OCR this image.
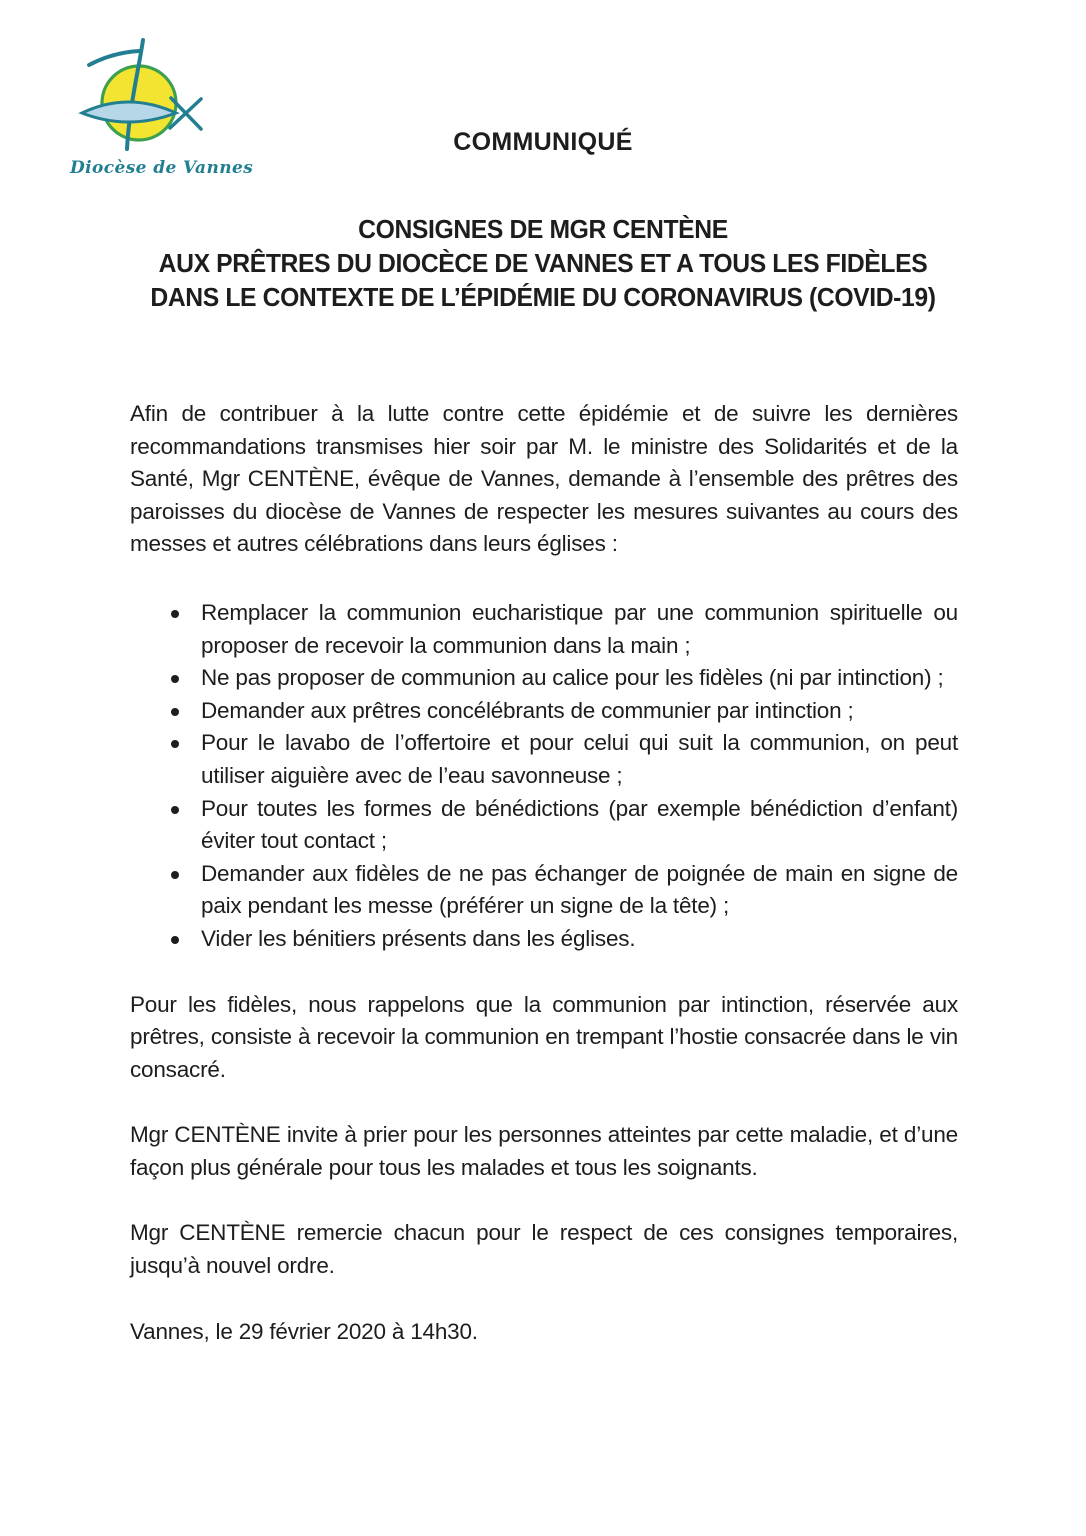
Diocèse de Vannes
COMMUNIQUÉ
CONSIGNES DE MGR CENTÈNE
AUX PRÊTRES DU DIOCÈCE DE VANNES ET A TOUS LES FIDÈLES
DANS LE CONTEXTE DE L’ÉPIDÉMIE DU CORONAVIRUS (COVID-19)

Afin de contribuer à la lutte contre cette épidémie et de suivre les dernières recommandations transmises hier soir par M. le ministre des Solidarités et de la Santé, Mgr CENTÈNE, évêque de Vannes, demande à l’ensemble des prêtres des paroisses du diocèse de Vannes de respecter les mesures suivantes au cours des messes et autres célébrations dans leurs églises :

Remplacer la communion eucharistique par une communion spirituelle ou proposer de recevoir la communion dans la main ;
Ne pas proposer de communion au calice pour les fidèles (ni par intinction) ;
Demander aux prêtres concélébrants de communier par intinction ;
Pour le lavabo de l’offertoire et pour celui qui suit la communion, on peut utiliser aiguière avec de l’eau savonneuse ;
Pour toutes les formes de bénédictions (par exemple bénédiction d’enfant) éviter tout contact ;
Demander aux fidèles de ne pas échanger de poignée de main en signe de paix pendant les messe (préférer un signe de la tête) ;
Vider les bénitiers présents dans les églises.

Pour les fidèles, nous rappelons que la communion par intinction, réservée aux prêtres, consiste à recevoir la communion en trempant l’hostie consacrée dans le vin consacré.

Mgr CENTÈNE invite à prier pour les personnes atteintes par cette maladie, et d’une façon plus générale pour tous les malades et tous les soignants.

Mgr CENTÈNE remercie chacun pour le respect de ces consignes temporaires, jusqu’à nouvel ordre.

Vannes, le 29 février 2020 à 14h30.
